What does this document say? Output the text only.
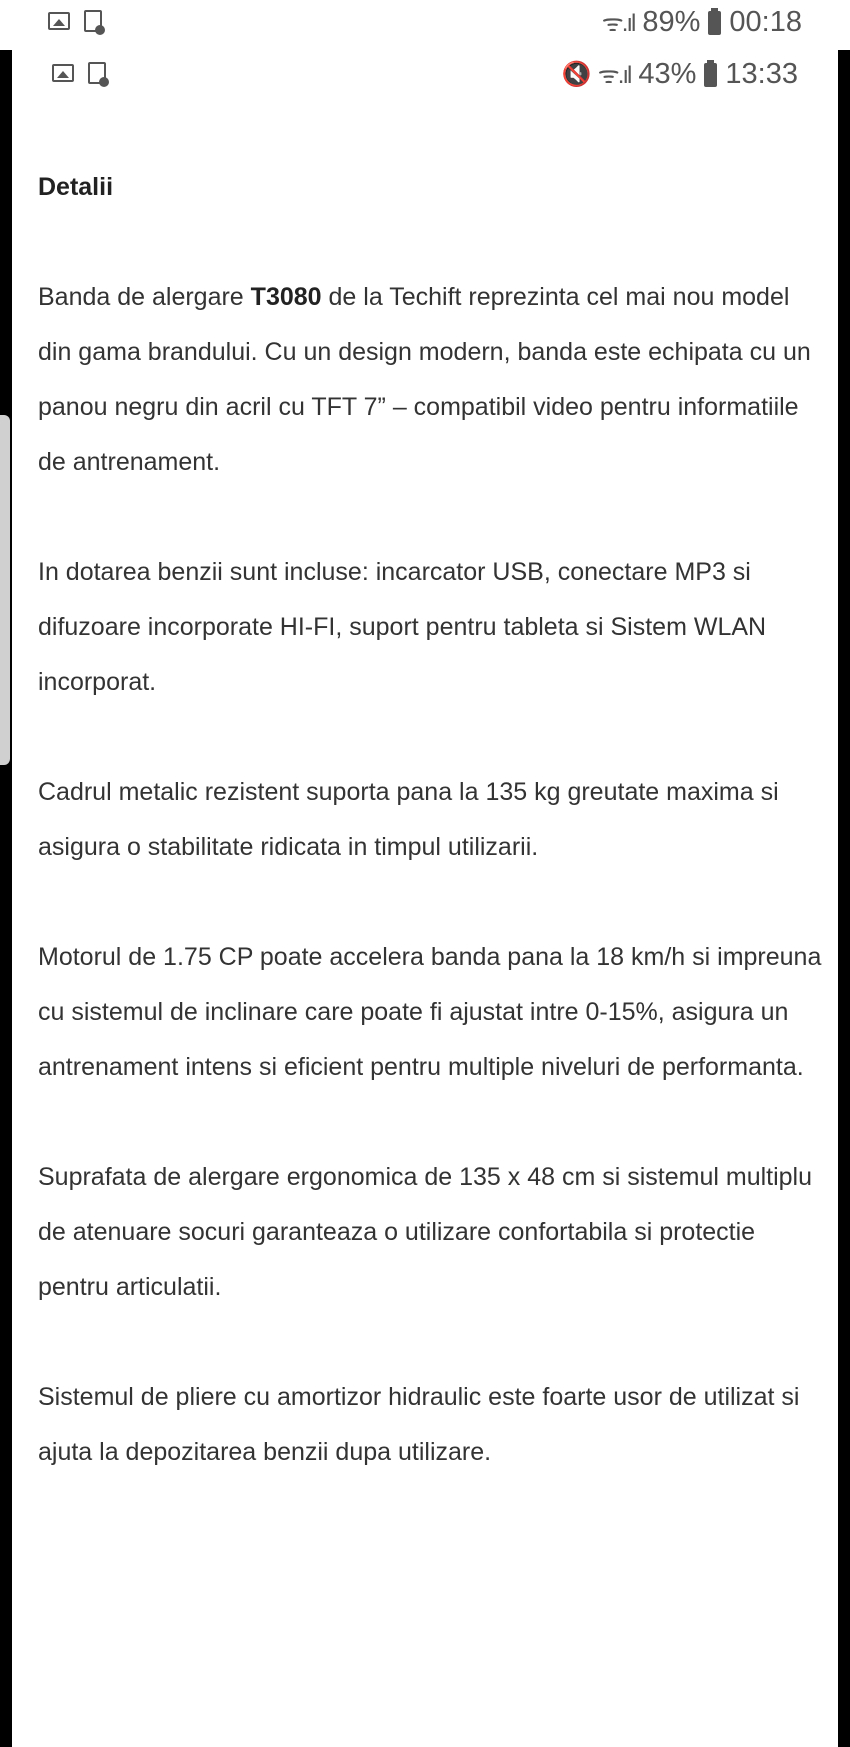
ᯤ.ıl 89% 00:18
🔇 ᯤ.ıl 43% 13:33
Detalii
Banda de alergare T3080 de la Techift reprezinta cel mai nou model din gama brandului. Cu un design modern, banda este echipata cu un panou negru din acril cu TFT 7” – compatibil video pentru informatiile de antrenament.
In dotarea benzii sunt incluse: incarcator USB, conectare MP3 si difuzoare incorporate HI-FI, suport pentru tableta si Sistem WLAN incorporat.
Cadrul metalic rezistent suporta pana la 135 kg greutate maxima si asigura o stabilitate ridicata in timpul utilizarii.
Motorul de 1.75 CP poate accelera banda pana la 18 km/h si impreuna cu sistemul de inclinare care poate fi ajustat intre 0-15%, asigura un antrenament intens si eficient pentru multiple niveluri de performanta.
Suprafata de alergare ergonomica de 135 x 48 cm si sistemul multiplu de atenuare socuri garanteaza o utilizare confortabila si protectie pentru articulatii.
Sistemul de pliere cu amortizor hidraulic este foarte usor de utilizat si ajuta la depozitarea benzii dupa utilizare.
